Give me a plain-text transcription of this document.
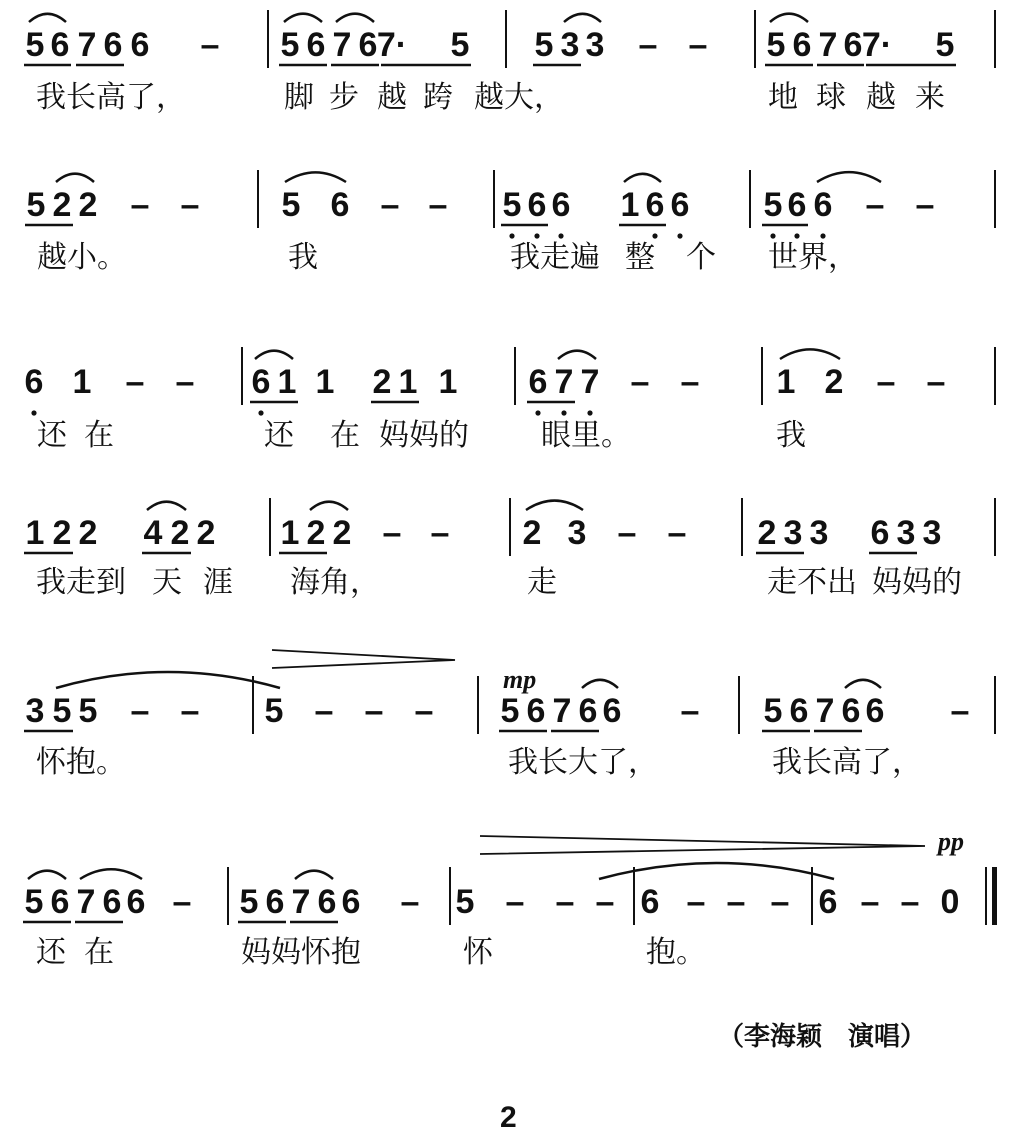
5 6 7 6 6 – 5 6 7 6 7· 5 5 3 3 – – 5 6 7 6 7· 5
5 2 2 – – 5 6 – – 5 6 6 1 6 6 5 6 6 – –
6 1 – – 6 1 1 2 1 1 6 7 7 – – 1 2 – –
1 2 2 4 2 2 1 2 2 – – 2 3 – – 2 3 3 6 3 3
3 5 5 – – 5 – – – 5 6 7 6 6 – 5 6 7 6 6 –
5 6 7 6 6 – 5 6 7 6 6 – 5 – – – 6 – – – 6 – – 0
mp
pp
我长高了，	脚 步 越 跨 越大，	地 球 越 来
越小。	我	我走遍 整 个 世界，
还 在	还 在 妈妈的 眼里。	我
我走到 天 涯 海角，	走	走不出 妈妈的
怀抱。	我长大了，	我长高了，
还 在	妈妈怀抱	怀	抱。
（李海颖　演唱）
2
